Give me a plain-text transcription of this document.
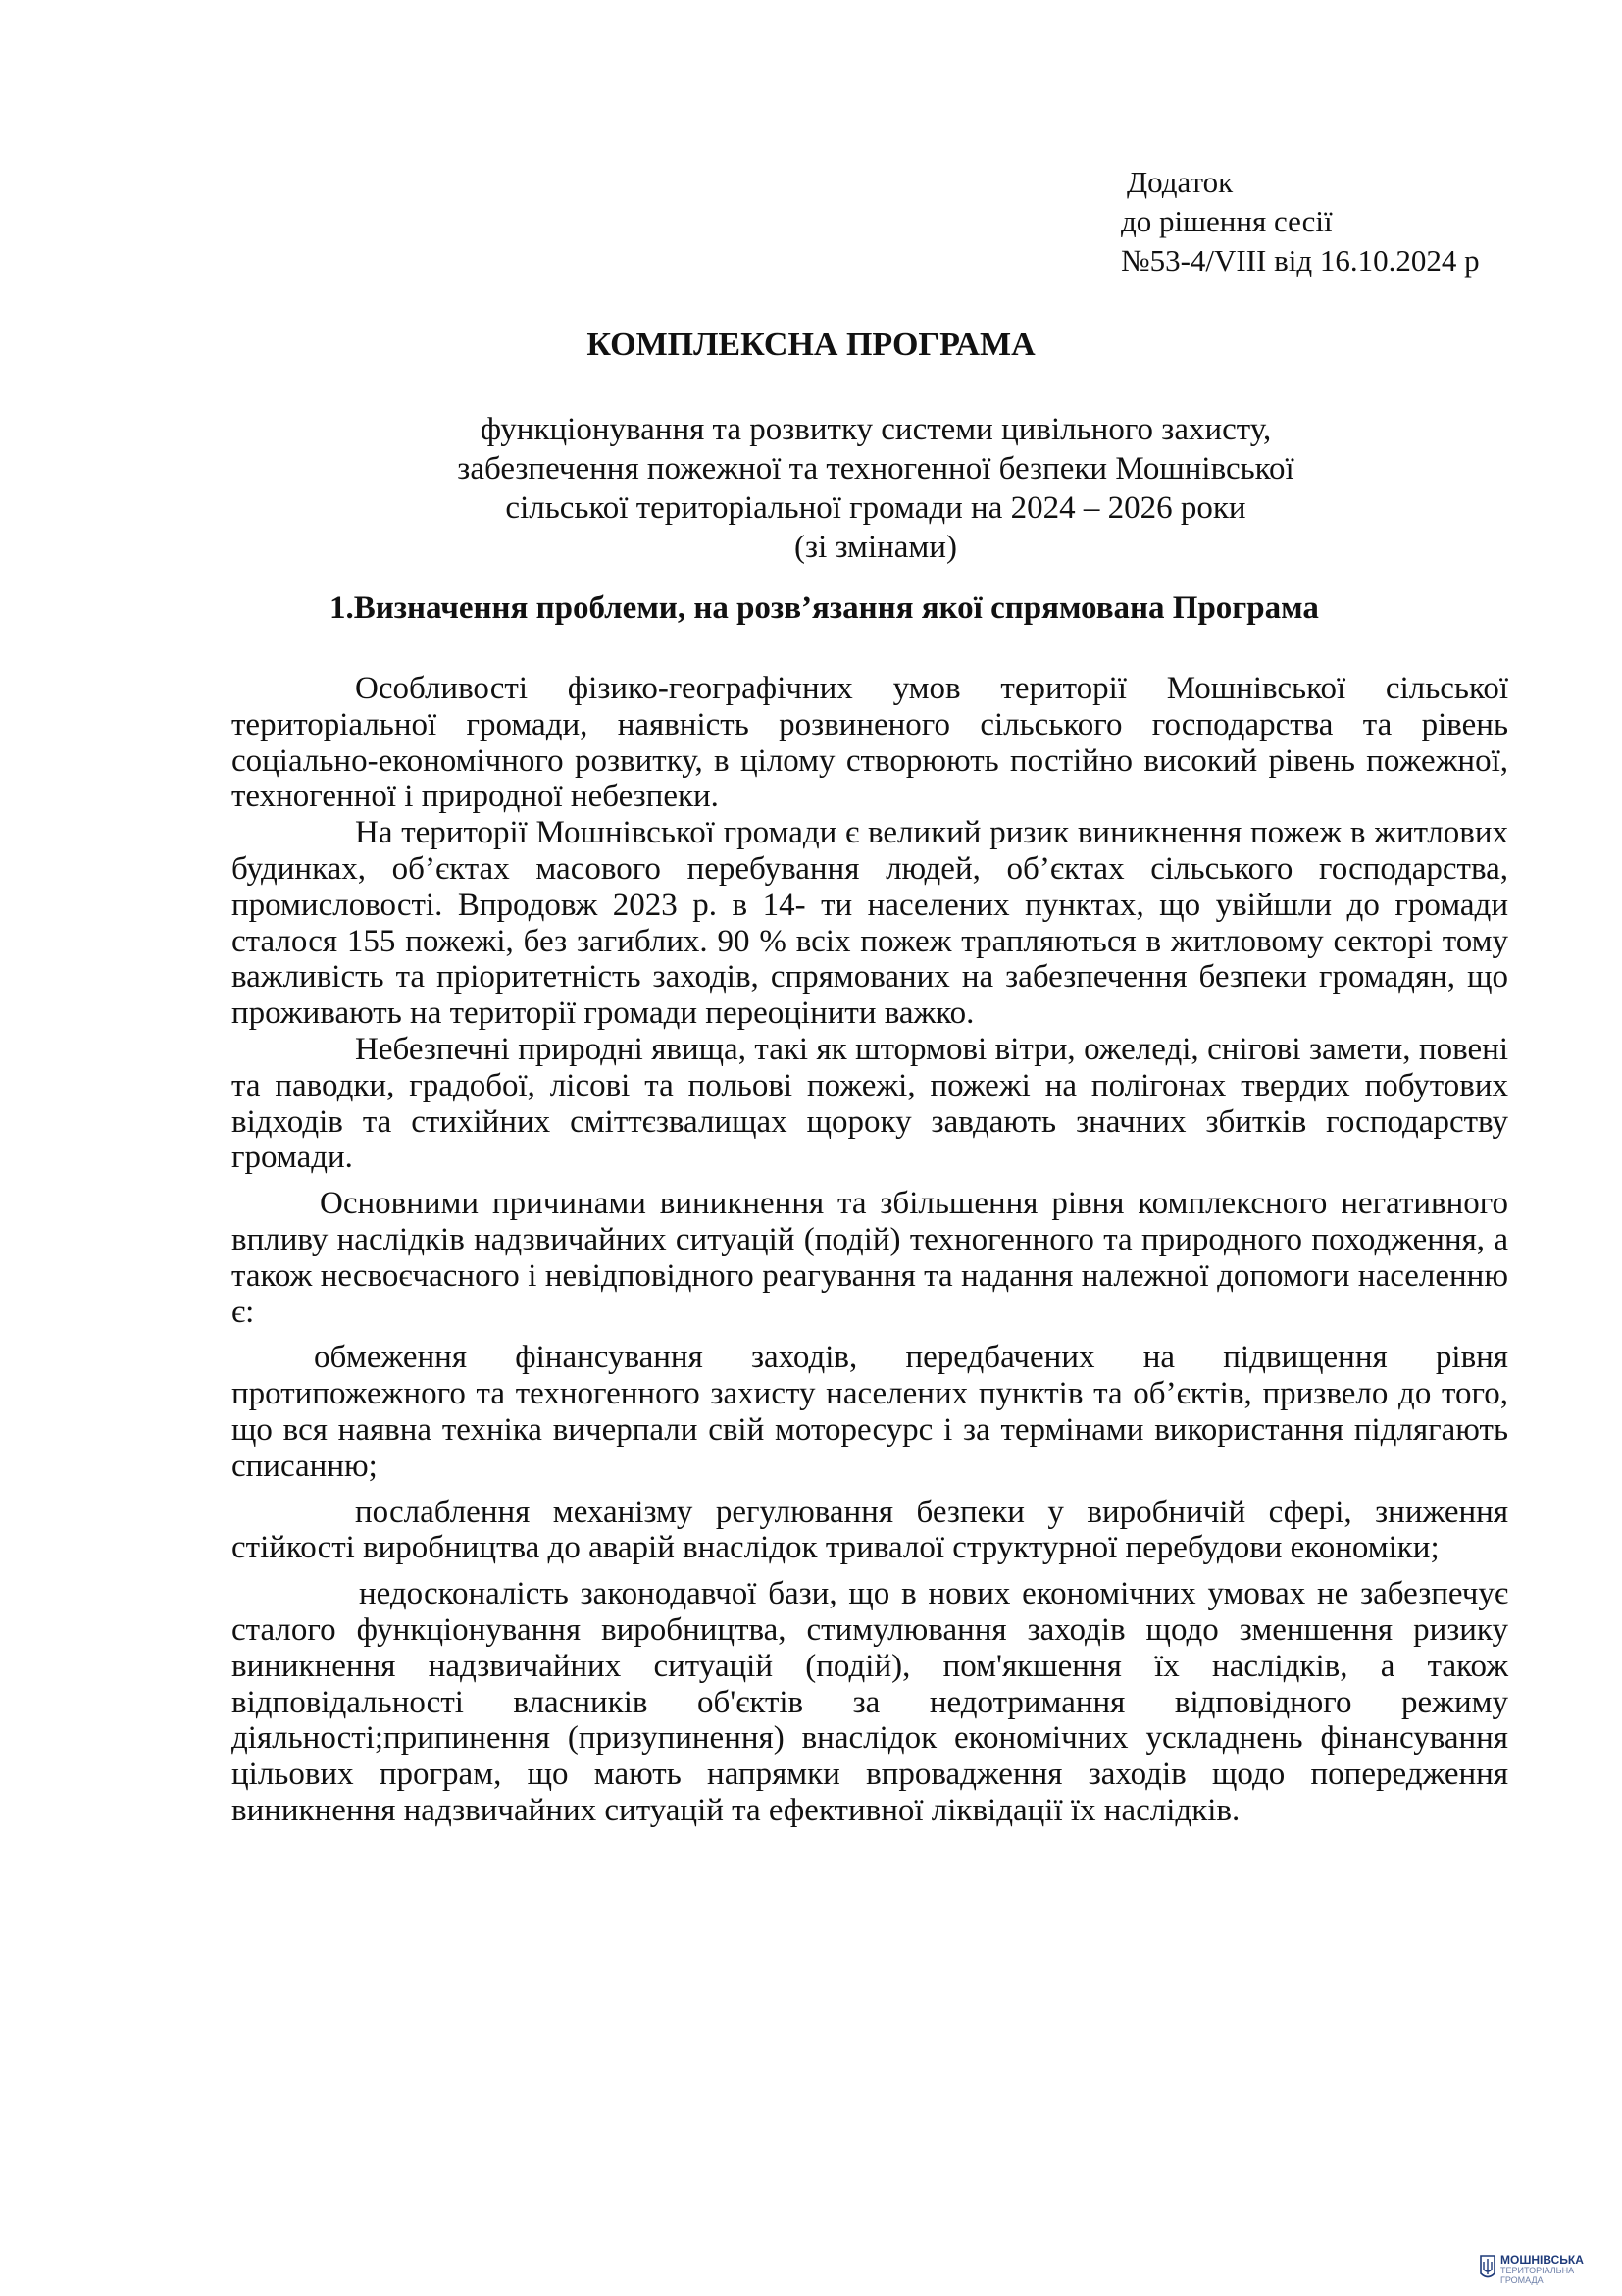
Додаток
до рішення сесії
№53-4/VIII від 16.10.2024 р
КОМПЛЕКСНА ПРОГРАМА
функціонування та розвитку системи цивільного захисту,
забезпечення пожежної та техногенної безпеки Мошнівської
сільської територіальної громади на 2024 – 2026 роки
(зі змінами)
1.Визначення проблеми, на розв’язання якої спрямована Програма

Особливості фізико-географічних умов території Мошнівської сільської територіальної громади, наявність розвиненого сільського господарства та рівень соціально-економічного розвитку, в цілому створюють постійно високий рівень пожежної, техногенної і природної небезпеки.

На території Мошнівської громади є великий ризик виникнення пожеж в житлових будинках, об’єктах масового перебування людей, об’єктах сільського господарства, промисловості. Впродовж 2023 р. в 14- ти населених пунктах, що увійшли до громади сталося 155 пожежі, без загиблих. 90 % всіх пожеж трапляються в житловому секторі тому важливість та пріоритетність заходів, спрямованих на забезпечення безпеки громадян, що проживають на території громади переоцінити важко.

Небезпечні природні явища, такі як штормові вітри, ожеледі, снігові замети, повені та паводки, градобої, лісові та польові пожежі, пожежі на полігонах твердих побутових відходів та стихійних сміттєзвалищах щороку завдають значних збитків господарству громади.

Основними причинами виникнення та збільшення рівня комплексного негативного впливу наслідків надзвичайних ситуацій (подій) техногенного та природного походження, а також несвоєчасного і невідповідного реагування та надання належної допомоги населенню є:

обмеження фінансування заходів, передбачених на підвищення рівня протипожежного та техногенного захисту населених пунктів та об’єктів, призвело до того, що вся наявна техніка вичерпали свій моторесурс і за термінами використання підлягають списанню;

послаблення механізму регулювання безпеки у виробничій сфері, зниження стійкості виробництва до аварій внаслідок тривалої структурної перебудови економіки;

недосконалість законодавчої бази, що в нових економічних умовах не забезпечує сталого функціонування виробництва, стимулювання заходів щодо зменшення ризику виникнення надзвичайних ситуацій (подій), пом'якшення їх наслідків, а також відповідальності власників об'єктів за недотримання відповідного режиму діяльності;припинення (призупинення) внаслідок економічних ускладнень фінансування цільових програм, що мають напрямки впровадження заходів щодо попередження виникнення надзвичайних ситуацій та ефективної ліквідації їх наслідків.

МОШНІВСЬКА
ТЕРИТОРІАЛЬНА
ГРОМАДА
